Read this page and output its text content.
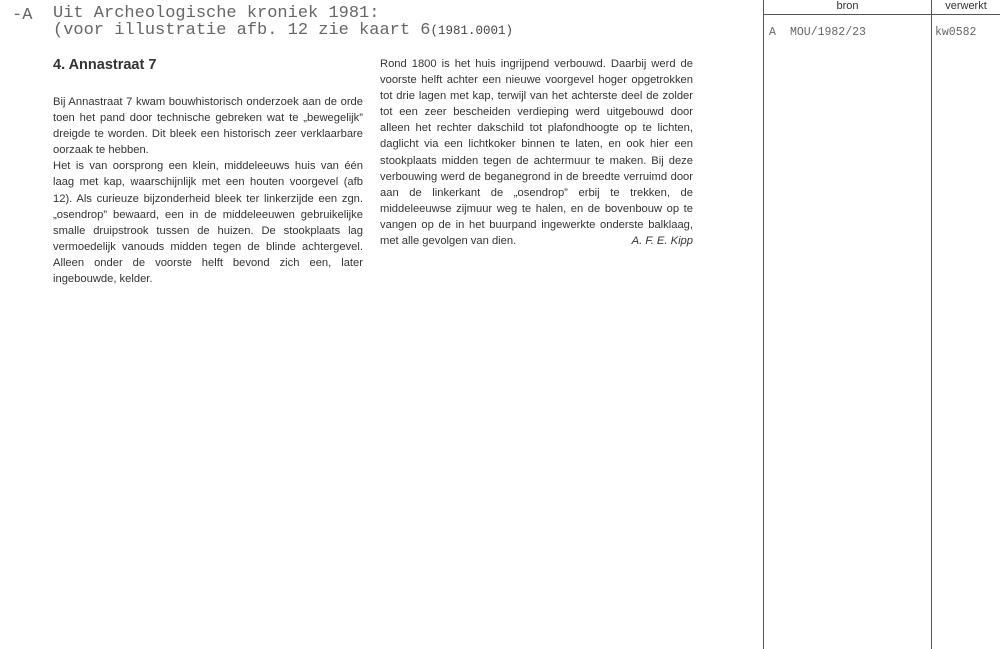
-A Uit Archeologische kroniek 1981:
(voor illustratie afb. 12 zie kaart 6(1981.0001)
4. Annastraat 7

Bij Annastraat 7 kwam bouwhistorisch onderzoek aan de orde toen het pand door technische gebreken wat te „bewegelijk” dreigde te worden. Dit bleek een historisch zeer verklaarbare oorzaak te hebben.

Het is van oorsprong een klein, middeleeuws huis van één laag met kap, waarschijnlijk met een houten voorgevel (afb 12). Als curieuze bijzonderheid bleek ter linkerzijde een zgn. „osendrop” bewaard, een in de middeleeuwen gebruikelijke smalle druipstrook tussen de huizen. De stookplaats lag vermoedelijk vanouds midden tegen de blinde achtergevel. Alleen onder de voorste helft bevond zich een, later ingebouwde, kelder.

Rond 1800 is het huis ingrijpend verbouwd. Daarbij werd de voorste helft achter een nieuwe voorgevel hoger opgetrokken tot drie lagen met kap, terwijl van het achterste deel de zolder tot een zeer bescheiden verdieping werd uitgebouwd door alleen het rechter dakschild tot plafondhoogte op te lichten, daglicht via een lichtkoker binnen te laten, en ook hier een stookplaats midden tegen de achtermuur te maken. Bij deze verbouwing werd de beganegrond in de breedte verruimd door aan de linkerkant de „osendrop” erbij te trekken, de middeleeuwse zijmuur weg te halen, en de bovenbouw op te vangen op de in het buurpand ingewerkte onderste balklaag, met alle gevolgen van dien.	A. F. E. Kipp

bron	verwerkt
A MOU/1982/23	kw0582
